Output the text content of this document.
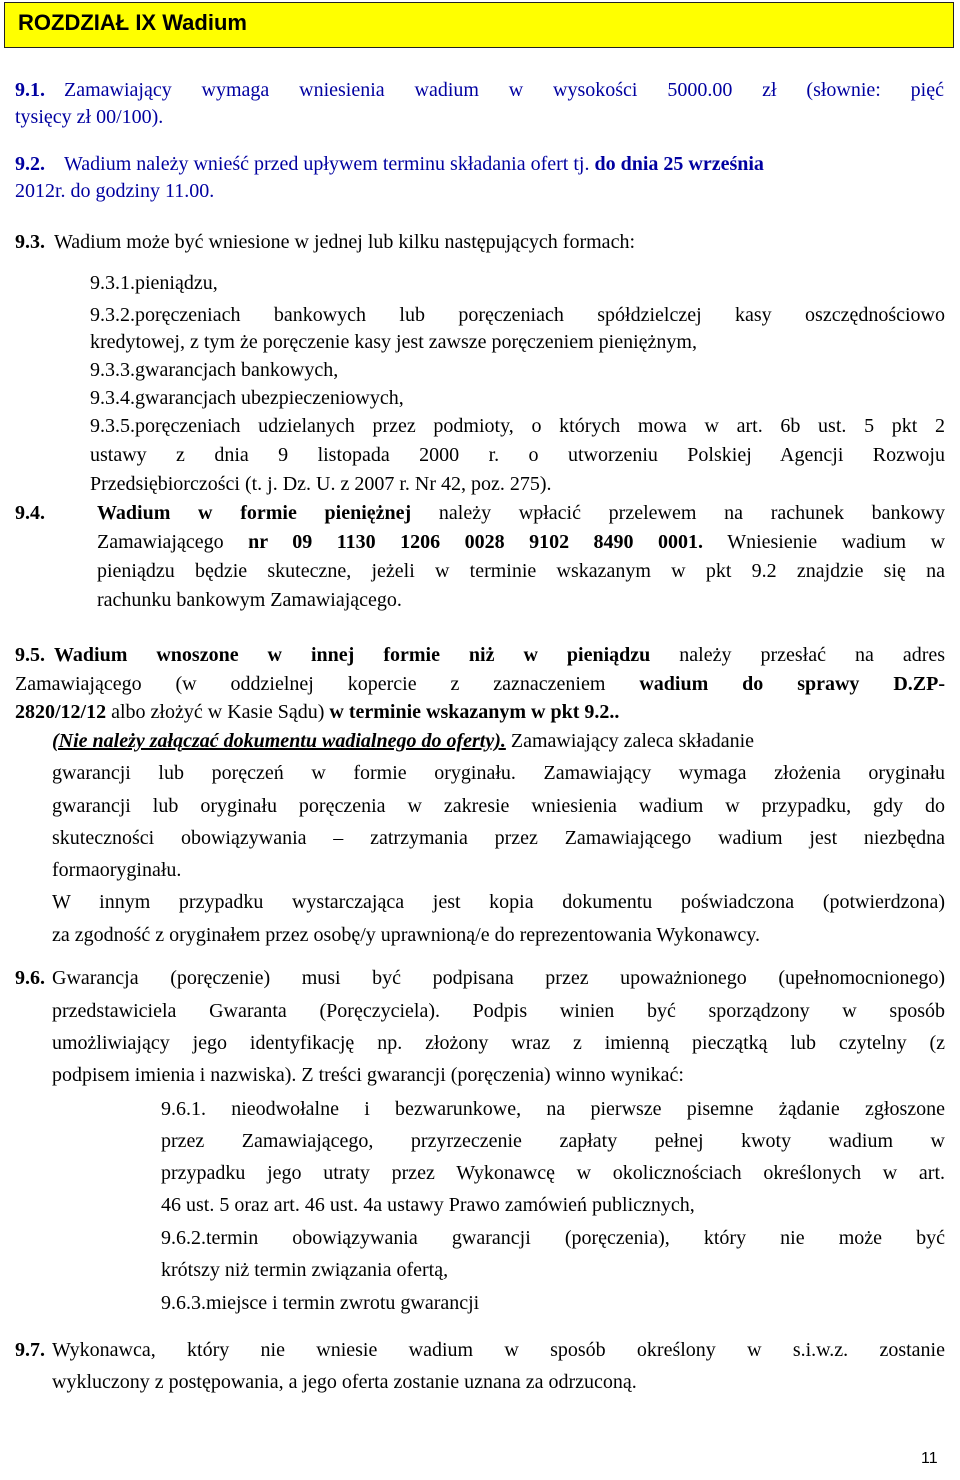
ROZDZIAŁ IX Wadium
9.1. Zamawiający wymaga wniesienia wadium w wysokości 5000.00 zł (słownie: pięć
tysięcy zł 00/100).
9.2. Wadium należy wnieść przed upływem terminu składania ofert tj. do dnia 25 września
2012r. do godziny 11.00.
9.3. Wadium może być wniesione w jednej lub kilku następujących formach:
9.3.1.pieniądzu,
9.3.2.poręczeniach bankowych lub poręczeniach spółdzielczej kasy oszczędnościowo
kredytowej, z tym że poręczenie kasy jest zawsze poręczeniem pieniężnym,
9.3.3.gwarancjach bankowych,
9.3.4.gwarancjach ubezpieczeniowych,
9.3.5.poręczeniach udzielanych przez podmioty, o których mowa w art. 6b ust. 5 pkt 2
ustawy z dnia 9 listopada 2000 r. o utworzeniu Polskiej Agencji Rozwoju
Przedsiębiorczości (t. j. Dz. U. z 2007 r. Nr 42, poz. 275).
9.4.	Wadium w formie pieniężnej należy wpłacić przelewem na rachunek bankowy
Zamawiającego nr 09 1130 1206 0028 9102 8490 0001. Wniesienie wadium w
pieniądzu będzie skuteczne, jeżeli w terminie wskazanym w pkt 9.2 znajdzie się na
rachunku bankowym Zamawiającego.
9.5. Wadium wnoszone w innej formie niż w pieniądzu należy przesłać na adres
Zamawiającego (w oddzielnej kopercie z zaznaczeniem wadium do sprawy D.ZP-
2820/12/12 albo złożyć w Kasie Sądu) w terminie wskazanym w pkt 9.2..
(Nie należy załączać dokumentu wadialnego do oferty). Zamawiający zaleca składanie
gwarancji lub poręczeń w formie oryginału. Zamawiający wymaga złożenia oryginału
gwarancji lub oryginału poręczenia w zakresie wniesienia wadium w przypadku, gdy do
skuteczności obowiązywania – zatrzymania przez Zamawiającego wadium jest niezbędna
formaoryginału.
W innym przypadku wystarczająca jest kopia dokumentu poświadczona (potwierdzona)
za zgodność z oryginałem przez osobę/y uprawnioną/e do reprezentowania Wykonawcy.
9.6. Gwarancja (poręczenie) musi być podpisana przez upoważnionego (upełnomocnionego)
przedstawiciela Gwaranta (Poręczyciela). Podpis winien być sporządzony w sposób
umożliwiający jego identyfikację np. złożony wraz z imienną pieczątką lub czytelny (z
podpisem imienia i nazwiska). Z treści gwarancji (poręczenia) winno wynikać:
9.6.1. nieodwołalne i bezwarunkowe, na pierwsze pisemne żądanie zgłoszone
przez Zamawiającego, przyrzeczenie zapłaty pełnej kwoty wadium w
przypadku jego utraty przez Wykonawcę w okolicznościach określonych w art.
46 ust. 5 oraz art. 46 ust. 4a ustawy Prawo zamówień publicznych,
9.6.2.termin obowiązywania gwarancji (poręczenia), który nie może być
krótszy niż termin związania ofertą,
9.6.3.miejsce i termin zwrotu gwarancji
9.7. Wykonawca, który nie wniesie wadium w sposób określony w s.i.w.z. zostanie
wykluczony z postępowania, a jego oferta zostanie uznana za odrzuconą.
11
